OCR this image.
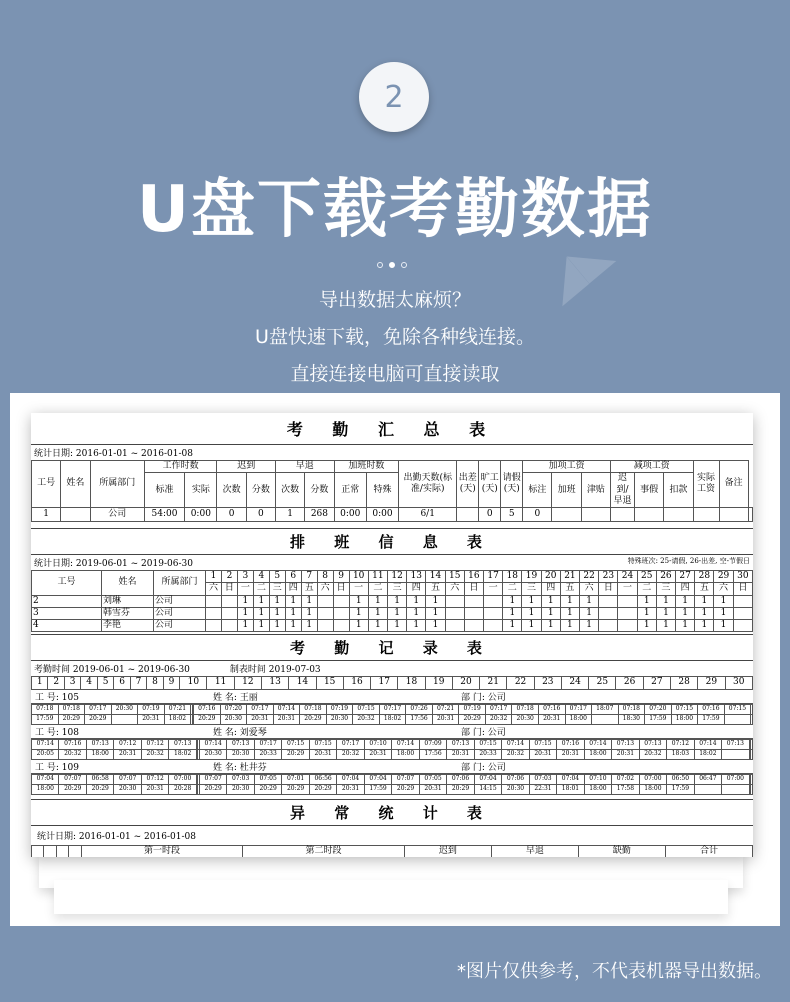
2
U盘下载考勤数据
导出数据太麻烦？
U盘快速下载，免除各种线连接。
直接连接电脑可直接读取
◢◣
考 勤 汇 总 表
统计日期: 2016-01-01 ~ 2016-01-08
工号	姓名	所属部门	工作时数		迟到		早退		加班时数		出勤天数(标准/实际)	出差(天)	旷工(天)	请假(天)	加项工资			减项工资			实际工资	备注	
			标准	实际	次数	分数	次数	分数	正常	特殊					标注	加班	津贴	迟到/早退	事假	扣款			
1		公司	54:00	0:00	0	0	1	268	0:00	0:00	6/1		0	5	0								
排 班 信 息 表
统计日期: 2019-06-01 ~ 2019-06-30	特殊班次: 25-请假, 26-出差, 空-节假日
工号	姓名	所属部门	1	2	3	4	5	6	7	8	9	10	11	12	13	14	15	16	17	18	19	20	21	22	23	24	25	26	27	28	29	30
			六	日	一	二	三	四	五	六	日	一	二	三	四	五	六	日	一	二	三	四	五	六	日	一	二	三	四	五	六	日
2	刘琳	公司			1	1	1	1	1			1	1	1	1	1				1	1	1	1	1			1	1	1	1	1	
3	韩雪芬	公司			1	1	1	1	1			1	1	1	1	1				1	1	1	1	1			1	1	1	1	1	
4	李艳	公司			1	1	1	1	1			1	1	1	1	1				1	1	1	1	1			1	1	1	1	1	
考 勤 记 录 表
考勤时间 2019-06-01 ~ 2019-06-30	制表时间 2019-07-03
1	2	3	4	5	6	7	8	9	10	11	12	13	14	15	16	17	18	19	20	21	22	23	24	25	26	27	28	29	30
工 号: 105	姓 名: 王丽	部 门: 公司
07:18	07:18	07:17	20:30	07:19	07:21			07:16	07:20	07:17	07:14	07:18	07:19	07:15	07:17	07:26	07:21	07:19	07:17	07:18	07:16	07:17	18:07	07:18	07:20	07:15	07:16	07:15	
17:59	20:29	20:29		20:31	18:02			20:29	20:30	20:31	20:31	20:29	20:30	20:32	18:02	17:56	20:31	20:29	20:32	20:30	20:31	18:00		18:30	17:59	18:00	17:59		
工 号: 108	姓 名: 刘爱琴	部 门: 公司
07:14	07:16	07:13	07:12	07:12	07:13			07:14	07:13	07:17	07:15	07:15	07:17	07:10	07:14	07:09	07:13	07:15	07:14	07:15	07:16	07:14	07:13	07:13	07:12	07:14	07:13		
20:05	20:32	18:00	20:31	20:32	18:02			20:30	20:30	20:33	20:29	20:31	20:32	20:31	18:00	17:56	20:31	20:33	20:32	20:31	20:31	18:00	20:31	20:32	18:03	18:02			
工 号: 109	姓 名: 杜井芬	部 门: 公司
07:04	07:07	06:58	07:07	07:12	07:00			07:07	07:03	07:05	07:01	06:56	07:04	07:04	07:07	07:05	07:06	07:04	07:06	07:03	07:04	07:10	07:02	07:00	06:50	06:47	07:00		
18:00	20:29	20:29	20:30	20:31	20:28			20:29	20:30	20:29	20:29	20:29	20:31	17:59	20:29	20:31	20:29	14:15	20:30	22:31	18:01	18:00	17:58	18:00	17:59				
异 常 统 计 表
统计日期: 2016-01-01 ~ 2016-01-08
				第一时段	第二时段	迟到	早退	缺勤	合计
*图片仅供参考，不代表机器导出数据。
